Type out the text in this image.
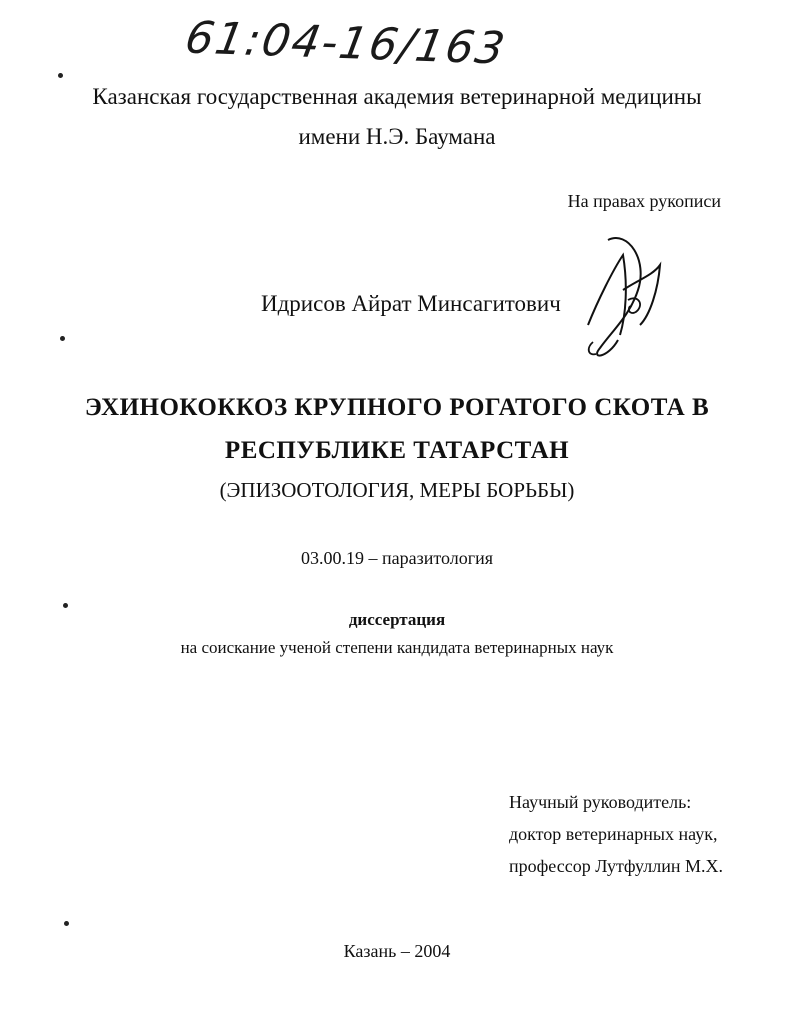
61:04-16/163
Казанская государственная академия ветеринарной медицины
имени Н.Э. Баумана
На правах рукописи
Идрисов Айрат Минсагитович
ЭХИНОКОККОЗ КРУПНОГО РОГАТОГО СКОТА В
РЕСПУБЛИКЕ ТАТАРСТАН
(ЭПИЗООТОЛОГИЯ, МЕРЫ БОРЬБЫ)
03.00.19 – паразитология
диссертация
на соискание ученой степени кандидата ветеринарных наук
Научный руководитель:
доктор ветеринарных наук,
профессор Лутфуллин М.Х.
Казань – 2004
